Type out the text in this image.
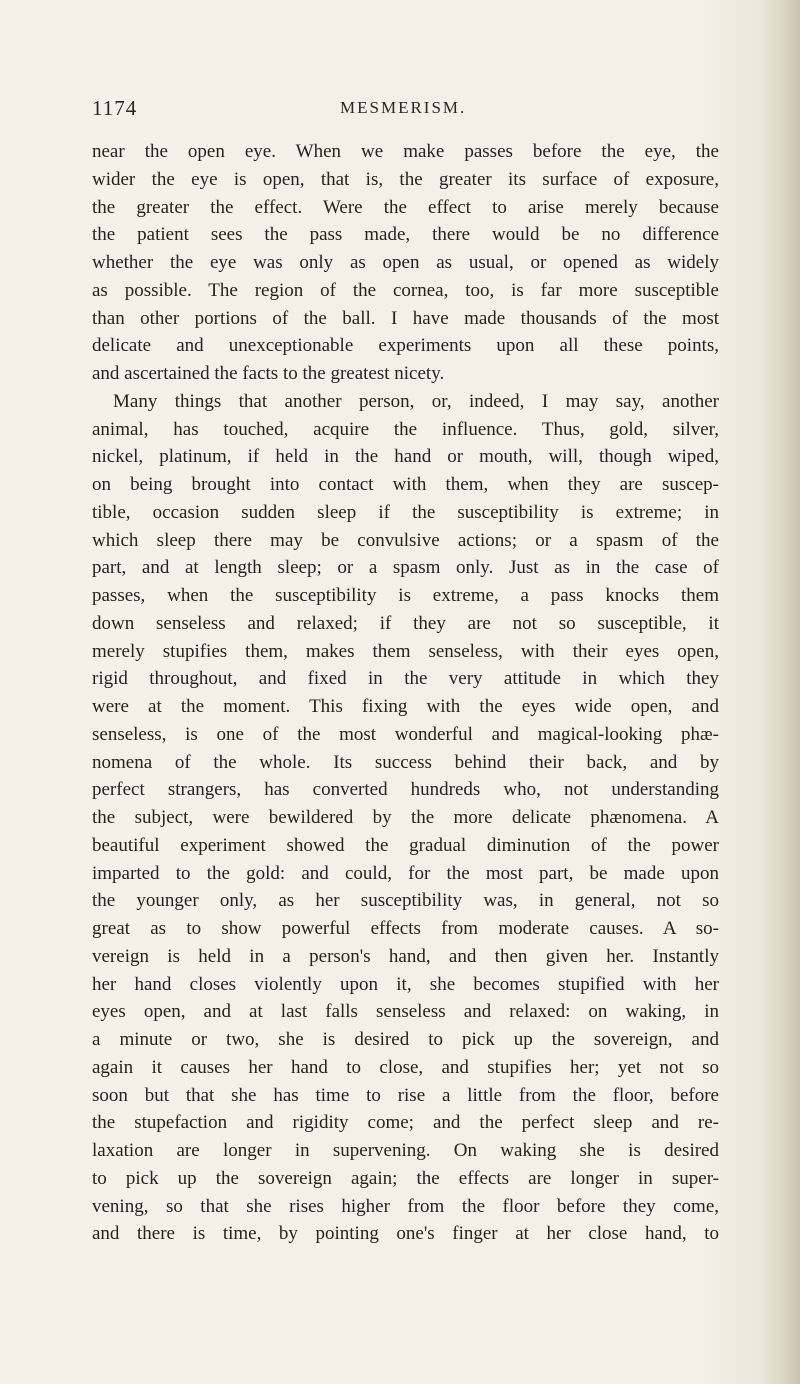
1174	MESMERISM.
near the open eye. When we make passes before the eye, the
wider the eye is open, that is, the greater its surface of exposure,
the greater the effect. Were the effect to arise merely because
the patient sees the pass made, there would be no difference
whether the eye was only as open as usual, or opened as widely
as possible. The region of the cornea, too, is far more susceptible
than other portions of the ball. I have made thousands of the most
delicate and unexceptionable experiments upon all these points,
and ascertained the facts to the greatest nicety.
Many things that another person, or, indeed, I may say, another
animal, has touched, acquire the influence. Thus, gold, silver,
nickel, platinum, if held in the hand or mouth, will, though wiped,
on being brought into contact with them, when they are suscep-
tible, occasion sudden sleep if the susceptibility is extreme; in
which sleep there may be convulsive actions; or a spasm of the
part, and at length sleep; or a spasm only. Just as in the case of
passes, when the susceptibility is extreme, a pass knocks them
down senseless and relaxed; if they are not so susceptible, it
merely stupifies them, makes them senseless, with their eyes open,
rigid throughout, and fixed in the very attitude in which they
were at the moment. This fixing with the eyes wide open, and
senseless, is one of the most wonderful and magical-looking phæ-
nomena of the whole. Its success behind their back, and by
perfect strangers, has converted hundreds who, not understanding
the subject, were bewildered by the more delicate phænomena. A
beautiful experiment showed the gradual diminution of the power
imparted to the gold: and could, for the most part, be made upon
the younger only, as her susceptibility was, in general, not so
great as to show powerful effects from moderate causes. A so-
vereign is held in a person's hand, and then given her. Instantly
her hand closes violently upon it, she becomes stupified with her
eyes open, and at last falls senseless and relaxed: on waking, in
a minute or two, she is desired to pick up the sovereign, and
again it causes her hand to close, and stupifies her; yet not so
soon but that she has time to rise a little from the floor, before
the stupefaction and rigidity come; and the perfect sleep and re-
laxation are longer in supervening. On waking she is desired
to pick up the sovereign again; the effects are longer in super-
vening, so that she rises higher from the floor before they come,
and there is time, by pointing one's finger at her close hand, to
